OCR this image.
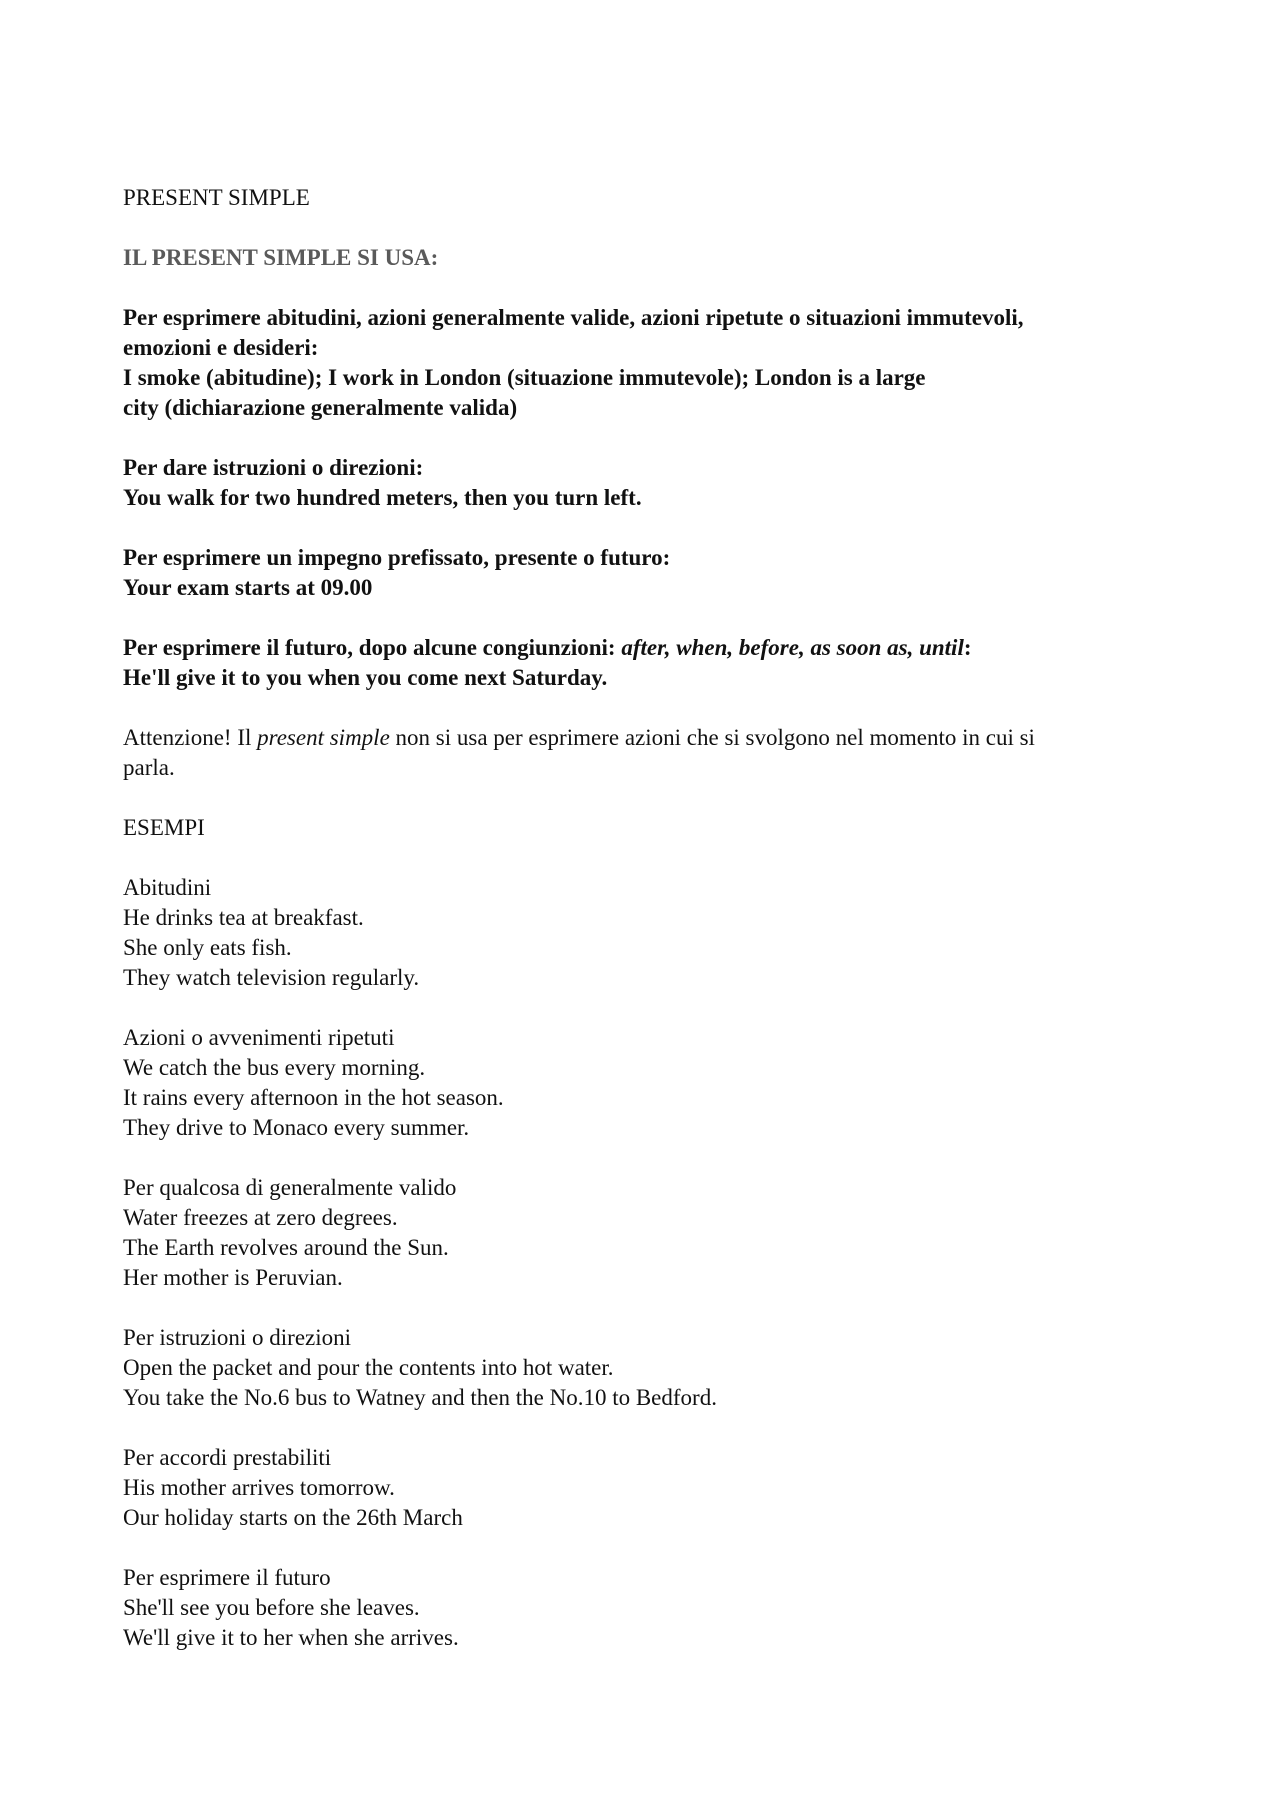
PRESENT SIMPLE
IL PRESENT SIMPLE SI USA:
Per esprimere abitudini, azioni generalmente valide, azioni ripetute o situazioni immutevoli,
emozioni e desideri:
I smoke (abitudine); I work in London (situazione immutevole); London is a large
city (dichiarazione generalmente valida)
Per dare istruzioni o direzioni:
You walk for two hundred meters, then you turn left.
Per esprimere un impegno prefissato, presente o futuro:
Your exam starts at 09.00
Per esprimere il futuro, dopo alcune congiunzioni: after, when, before, as soon as, until:
He'll give it to you when you come next Saturday.
Attenzione! Il present simple non si usa per esprimere azioni che si svolgono nel momento in cui si
parla.
ESEMPI
Abitudini
He drinks tea at breakfast.
She only eats fish.
They watch television regularly.
Azioni o avvenimenti ripetuti
We catch the bus every morning.
It rains every afternoon in the hot season.
They drive to Monaco every summer.
Per qualcosa di generalmente valido
Water freezes at zero degrees.
The Earth revolves around the Sun.
Her mother is Peruvian.
Per istruzioni o direzioni
Open the packet and pour the contents into hot water.
You take the No.6 bus to Watney and then the No.10 to Bedford.
Per accordi prestabiliti
His mother arrives tomorrow.
Our holiday starts on the 26th March
Per esprimere il futuro
She'll see you before she leaves.
We'll give it to her when she arrives.
